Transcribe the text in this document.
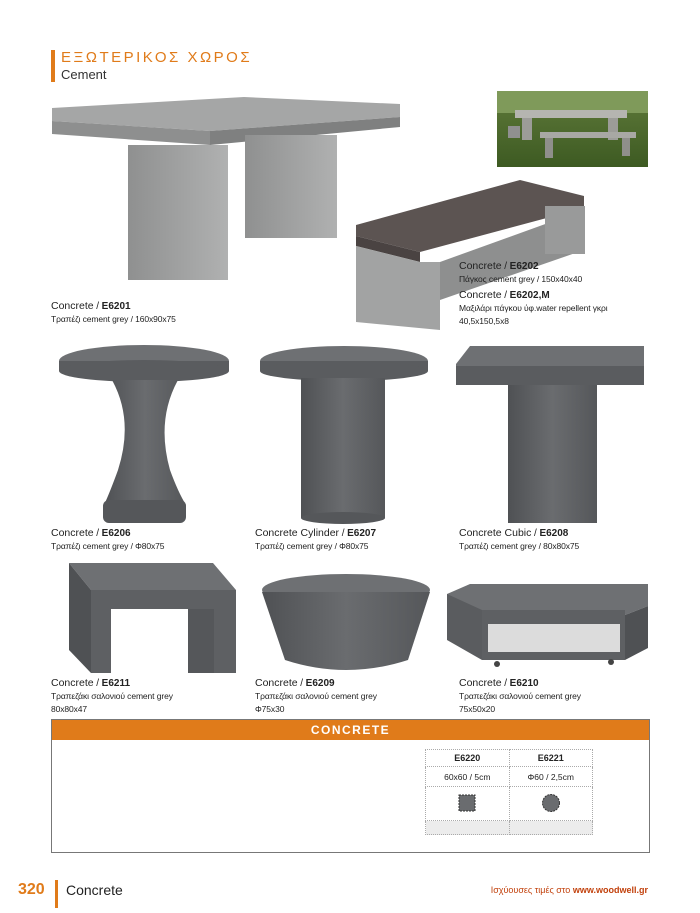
ΕΞΩΤΕΡΙΚΟΣ ΧΩΡΟΣ
Cement
Concrete / E6201
Τραπέζι cement grey / 160x90x75
Concrete / E6202
Πάγκος cement grey / 150x40x40
Concrete / E6202,M
Μαξιλάρι πάγκου ύφ.water repellent γκρι
40,5x150,5x8
Concrete / E6206
Τραπέζι cement grey / Φ80x75
Concrete Cylinder / E6207
Τραπέζι cement grey / Φ80x75
Concrete Cubic / E6208
Τραπέζι cement grey / 80x80x75
Concrete / E6211
Τραπεζάκι σαλονιού cement grey
80x80x47
Concrete / E6209
Τραπεζάκι σαλονιού cement grey
Φ75x30
Concrete / E6210
Τραπεζάκι σαλονιού cement grey
75x50x20
CONCRETE
E6220	E6221
60x60 / 5cm	Φ60 / 2,5cm

320 Concrete	Ισχύουσες τιμές στο www.woodwell.gr
